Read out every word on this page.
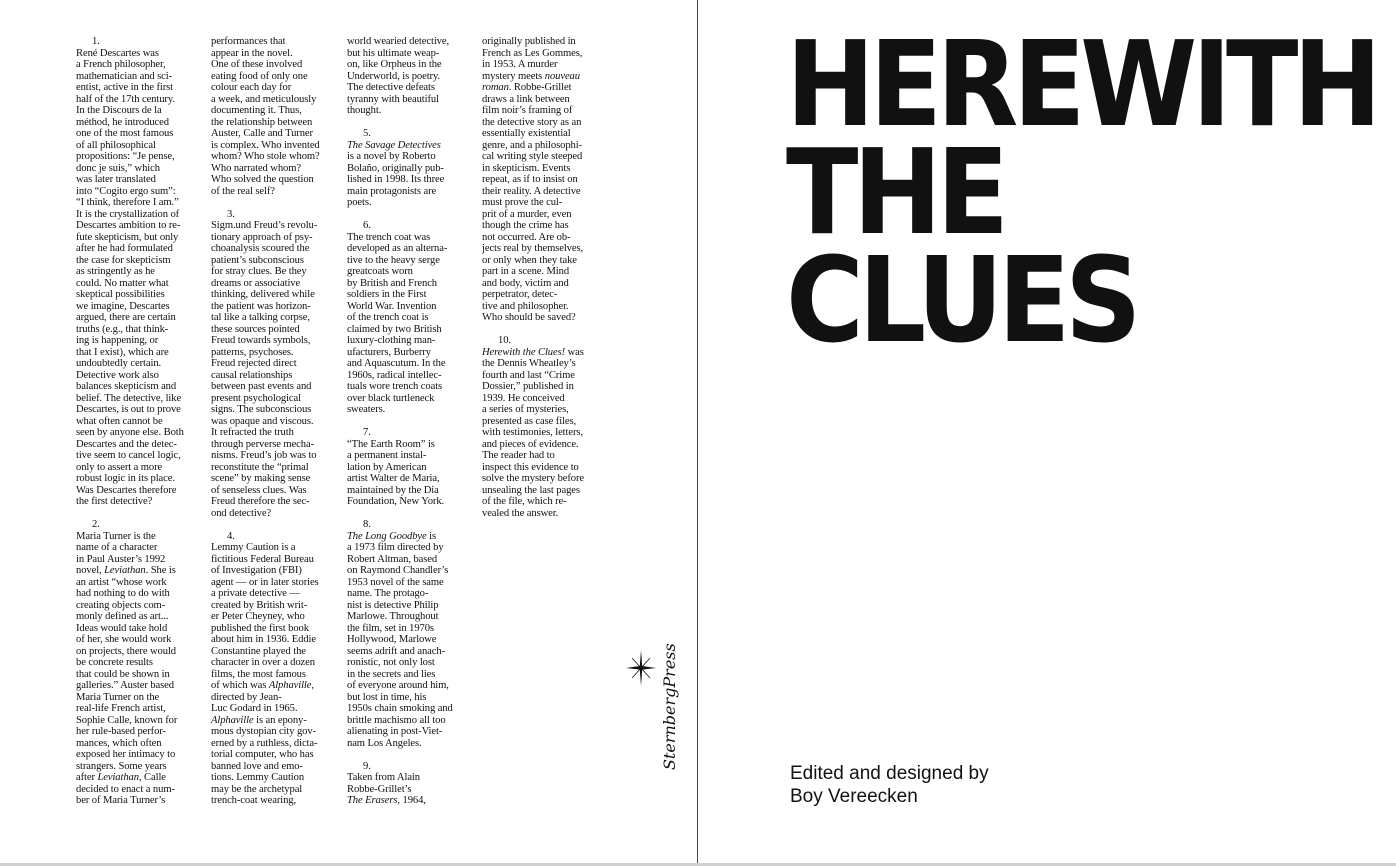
1.
René Descartes was
a French philosopher,
mathematician and sci-
entist, active in the first
half of the 17th century.
In the Discours de la
méthod, he introduced
one of the most famous
of all philosophical
propositions: “Je pense,
donc je suis,” which
was later translated
into “Cogito ergo sum”:
“I think, therefore I am.”
It is the crystallization of
Descartes ambition to re-
fute skepticism, but only
after he had formulated
the case for skepticism
as stringently as he
could. No matter what
skeptical possibilities
we imagine, Descartes
argued, there are certain
truths (e.g., that think-
ing is happening, or
that I exist), which are
undoubtedly certain.
Detective work also
balances skepticism and
belief. The detective, like
Descartes, is out to prove
what often cannot be
seen by anyone else. Both
Descartes and the detec-
tive seem to cancel logic,
only to assert a more
robust logic in its place.
Was Descartes therefore
the first detective?
2.
Maria Turner is the
name of a character
in Paul Auster’s 1992
novel, Leviathan. She is
an artist “whose work
had nothing to do with
creating objects com-
monly defined as art...
Ideas would take hold
of her, she would work
on projects, there would
be concrete results
that could be shown in
galleries.” Auster based
Maria Turner on the
real-life French artist,
Sophie Calle, known for
her rule-based perfor-
mances, which often
exposed her intimacy to
strangers. Some years
after Leviathan, Calle
decided to enact a num-
ber of Maria Turner’s
performances that
appear in the novel.
One of these involved
eating food of only one
colour each day for
a week, and meticulously
documenting it. Thus,
the relationship between
Auster, Calle and Turner
is complex. Who invented
whom? Who stole whom?
Who narrated whom?
Who solved the question
of the real self?
3.
Sigm.und Freud’s revolu-
tionary approach of psy-
choanalysis scoured the
patient’s subconscious
for stray clues. Be they
dreams or associative
thinking, delivered while
the patient was horizon-
tal like a talking corpse,
these sources pointed
Freud towards symbols,
patterns, psychoses.
Freud rejected direct
causal relationships
between past events and
present psychological
signs. The subconscious
was opaque and viscous.
It refracted the truth
through perverse mecha-
nisms. Freud’s job was to
reconstitute the “primal
scene” by making sense
of senseless clues. Was
Freud therefore the sec-
ond detective?
4.
Lemmy Caution is a
fictitious Federal Bureau
of Investigation (FBI)
agent — or in later stories
a private detective —
created by British writ-
er Peter Cheyney, who
published the first book
about him in 1936. Eddie
Constantine played the
character in over a dozen
films, the most famous
of which was Alphaville,
directed by Jean-
Luc Godard in 1965.
Alphaville is an epony-
mous dystopian city gov-
erned by a ruthless, dicta-
torial computer, who has
banned love and emo-
tions. Lemmy Caution
may be the archetypal
trench-coat wearing,
world wearied detective,
but his ultimate weap-
on, like Orpheus in the
Underworld, is poetry.
The detective defeats
tyranny with beautiful
thought.
5.
The Savage Detectives
is a novel by Roberto
Bolaño, originally pub-
lished in 1998. Its three
main protagonists are
poets.
6.
The trench coat was
developed as an alterna-
tive to the heavy serge
greatcoats worn
by British and French
soldiers in the First
World War. Invention
of the trench coat is
claimed by two British
luxury-clothing man-
ufacturers, Burberry
and Aquascutum. In the
1960s, radical intellec-
tuals wore trench coats
over black turtleneck
sweaters.
7.
“The Earth Room” is
a permanent instal-
lation by American
artist Walter de Maria,
maintained by the Dia
Foundation, New York.
8.
The Long Goodbye is
a 1973 film directed by
Robert Altman, based
on Raymond Chandler’s
1953 novel of the same
name. The protago-
nist is detective Philip
Marlowe. Throughout
the film, set in 1970s
Hollywood, Marlowe
seems adrift and anach-
ronistic, not only lost
in the secrets and lies
of everyone around him,
but lost in time, his
1950s chain smoking and
brittle machismo all too
alienating in post-Viet-
nam Los Angeles.
9.
Taken from Alain
Robbe-Grillet’s
The Erasers, 1964,
originally published in
French as Les Gommes,
in 1953. A murder
mystery meets nouveau
roman. Robbe-Grillet
draws a link between
film noir’s framing of
the detective story as an
essentially existential
genre, and a philosophi-
cal writing style steeped
in skepticism. Events
repeat, as if to insist on
their reality. A detective
must prove the cul-
prit of a murder, even
though the crime has
not occurred. Are ob-
jects real by themselves,
or only when they take
part in a scene. Mind
and body, victim and
perpetrator, detec-
tive and philosopher.
Who should be saved?
10.
Herewith the Clues! was
the Dennis Wheatley’s
fourth and last “Crime
Dossier,” published in
1939. He conceived
a series of mysteries,
presented as case files,
with testimonies, letters,
and pieces of evidence.
The reader had to
inspect this evidence to
solve the mystery before
unsealing the last pages
of the file, which re-
vealed the answer.
SternbergPress
HEREWITH
THE CLUES
Edited and designed by
Boy Vereecken
